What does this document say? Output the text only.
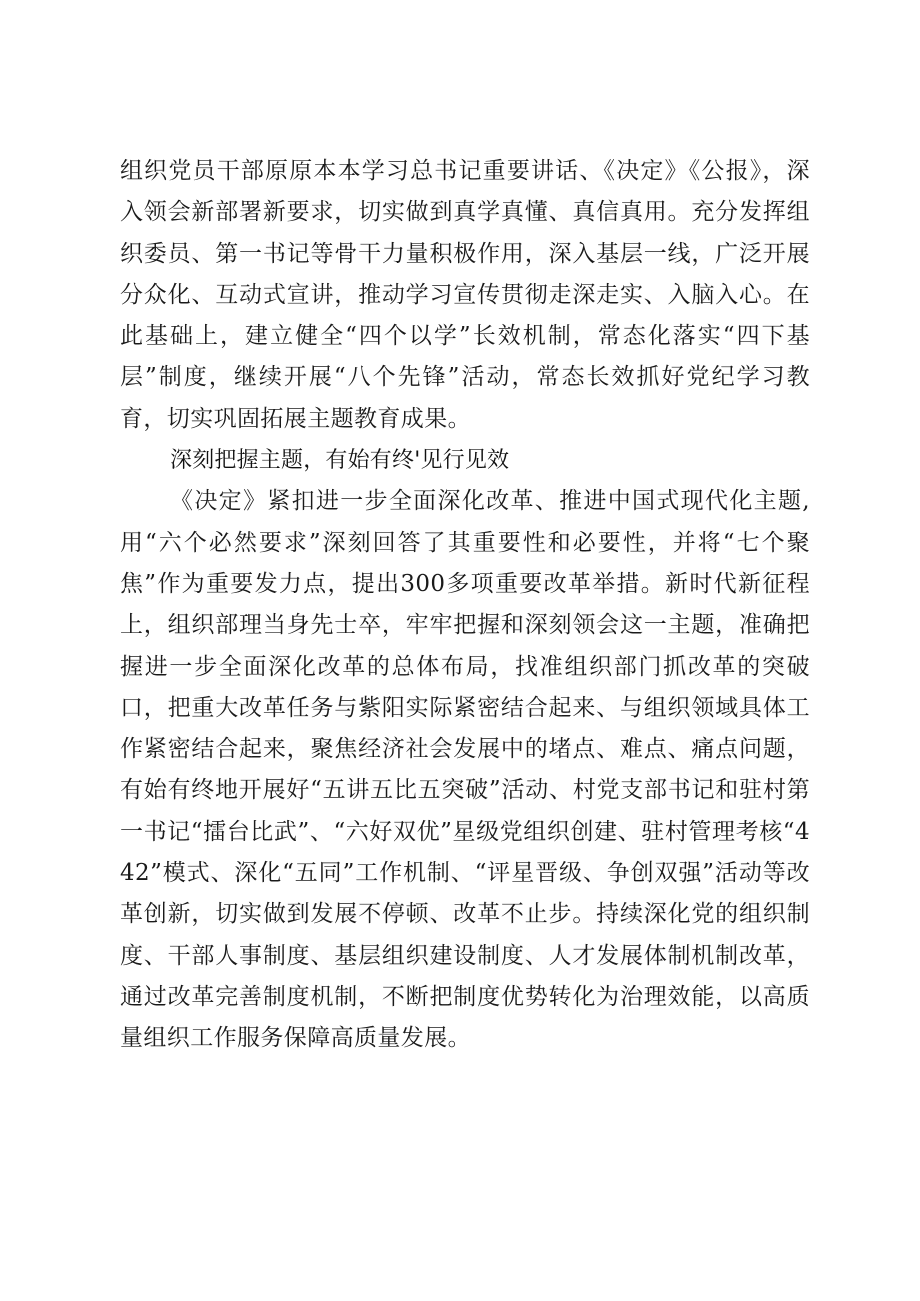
组织党员干部原原本本学习总书记重要讲话、《决定》《公报》，深入领会新部署新要求，切实做到真学真懂、真信真用。充分发挥组织委员、第一书记等骨干力量积极作用，深入基层一线，广泛开展分众化、互动式宣讲，推动学习宣传贯彻走深走实、入脑入心。在此基础上，建立健全“四个以学”长效机制，常态化落实“四下基层”制度，继续开展“八个先锋”活动，常态长效抓好党纪学习教育，切实巩固拓展主题教育成果。

深刻把握主题，有始有终'见行见效

《决定》紧扣进一步全面深化改革、推进中国式现代化主题,用“六个必然要求”深刻回答了其重要性和必要性，并将“七个聚焦”作为重要发力点，提出300多项重要改革举措。新时代新征程上，组织部理当身先士卒，牢牢把握和深刻领会这一主题，准确把握进一步全面深化改革的总体布局，找准组织部门抓改革的突破口，把重大改革任务与紫阳实际紧密结合起来、与组织领域具体工作紧密结合起来，聚焦经济社会发展中的堵点、难点、痛点问题，有始有终地开展好“五讲五比五突破”活动、村党支部书记和驻村第一书记“擂台比武”、“六好双优”星级党组织创建、驻村管理考核“442”模式、深化“五同”工作机制、“评星晋级、争创双强”活动等改革创新，切实做到发展不停顿、改革不止步。持续深化党的组织制度、干部人事制度、基层组织建设制度、人才发展体制机制改革，通过改革完善制度机制，不断把制度优势转化为治理效能，以高质量组织工作服务保障高质量发展。
